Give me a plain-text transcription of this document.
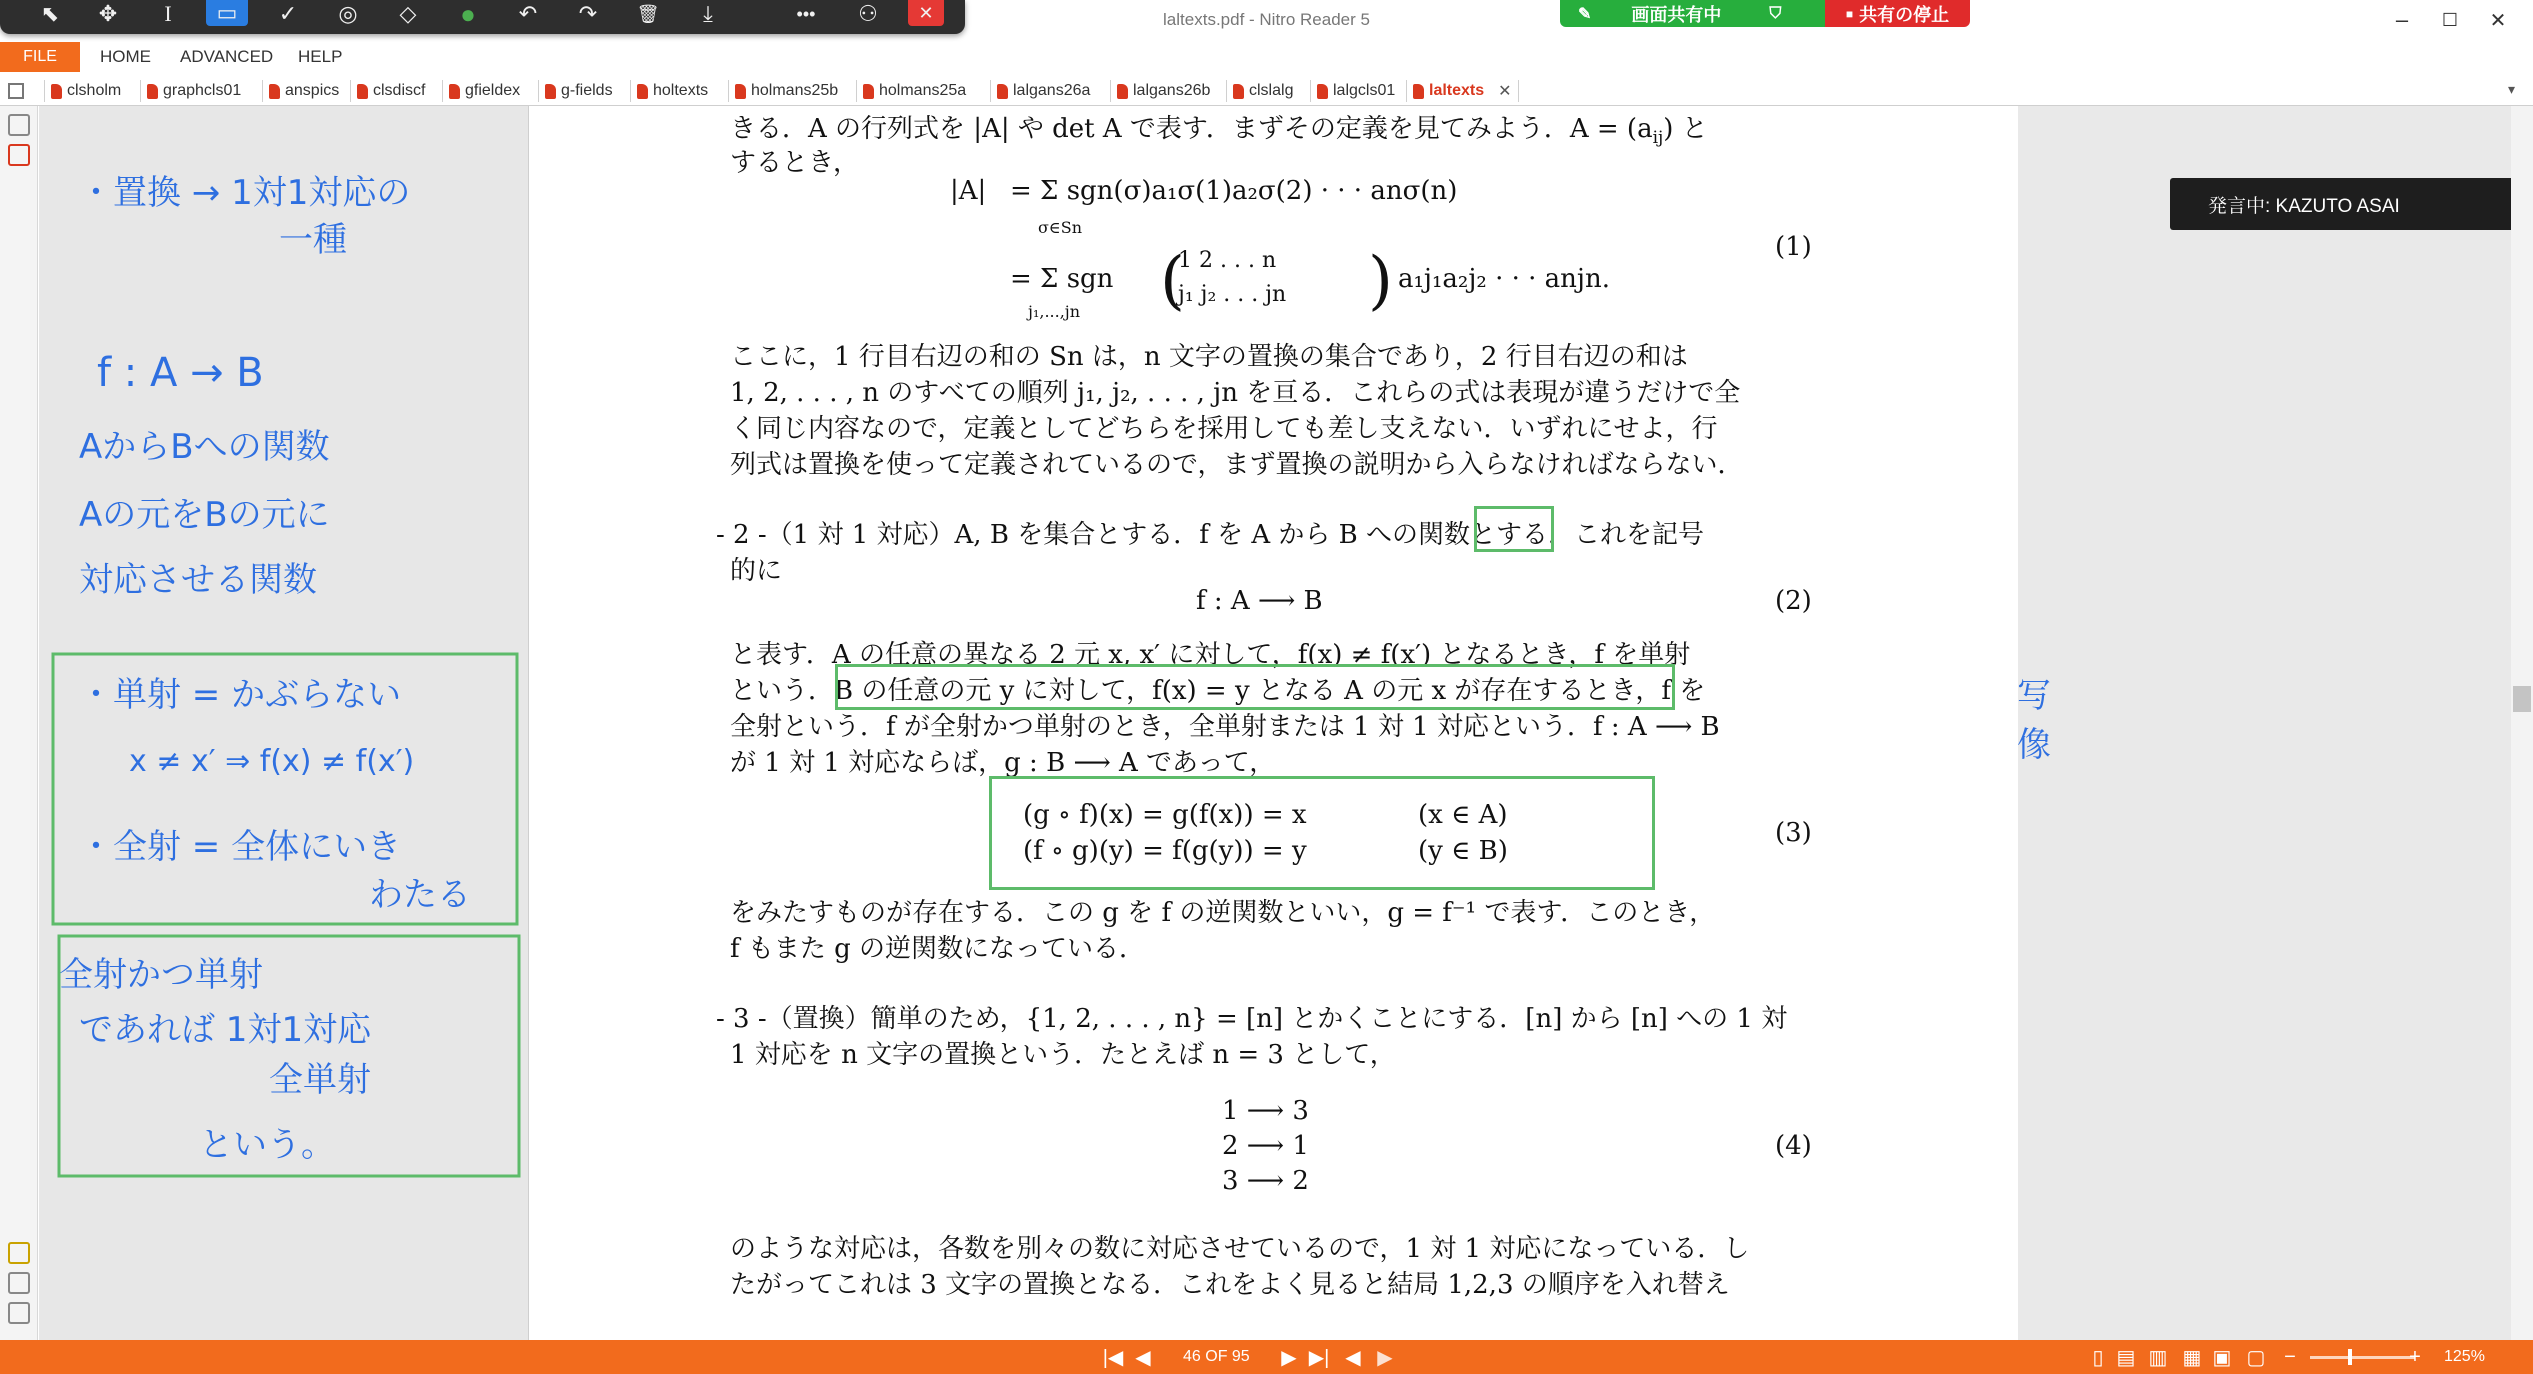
laltexts.pdf - Nitro Reader 5	–	☐	✕
⬉	✥	I	▭	✓	◎	◇	●	↶	↷	🗑	⤓	•••	⚇	✕	✎ 画面共有中	⛉	■ 共有の停止
FILE	HOME ADVANCED HELP
clsholm	graphcls01	anspics clsdiscf gfieldex	g-fields	holtexts	holmans25b	holmans25a	lalgans26a	lalgans26b clslalg lalgcls01 laltexts ✕	▾
・置換 → 1対1対応の
一種
f : A → B
AからBへの関数
Aの元をBの元に
対応させる関数
・単射 = かぶらない
x ≠ x′ ⇒ f(x) ≠ f(x′)
・全射 = 全体にいき
わたる
全射かつ単射
であれば 1対1対応
全単射
という。
きる．A の行列式を |A| や det A で表す．まずその定義を見てみよう．$A = (a_{ij})$ と
するとき，
|A| = Σ sgn(σ)a₁σ(1)a₂σ(2) · · · anσ(n)
σ∈Sn
(1)
= Σ sgn
j₁,...,jn
1 2 . . . n
j₁ j₂ . . . jn
(	) a₁j₁a₂j₂ · · · anjn.
ここに，1 行目右辺の和の Sn は，n 文字の置換の集合であり，2 行目右辺の和は
1, 2, . . . , n のすべての順列 j₁, j₂, . . . , jn を亘る．これらの式は表現が違うだけで全
く同じ内容なので，定義としてどちらを採用しても差し支えない．いずれにせよ，行
列式は置換を使って定義されているので，まず置換の説明から入らなければならない．
- 2 -（1 対 1 対応）A, B を集合とする．f を A から B への関数とする．これを記号
的に
写像
f : A ⟶ B	(2)
と表す．A の任意の異なる 2 元 x, x′ に対して，f(x) ≠ f(x′) となるとき，f を単射
という．B の任意の元 y に対して，f(x) = y となる A の元 x が存在するとき，f を
全射という．f が全射かつ単射のとき，全単射または 1 対 1 対応という．f : A ⟶ B
が 1 対 1 対応ならば，g : B ⟶ A であって，
(g ∘ f)(x) = g(f(x)) = x	(x ∈ A)
(f ∘ g)(y) = f(g(y)) = y	(y ∈ B)
(3)
をみたすものが存在する．この g を f の逆関数といい，g = f⁻¹ で表す．このとき，
f もまた g の逆関数になっている．
- 3 -（置換）簡単のため，{1, 2, . . . , n} = [n] とかくことにする．[n] から [n] への 1 対
1 対応を n 文字の置換という．たとえば n = 3 として，
1 ⟶ 3
2 ⟶ 1
3 ⟶ 2
(4)
のような対応は，各数を別々の数に対応させているので，1 対 1 対応になっている．し
たがってこれは 3 文字の置換となる．これをよく見ると結局 1,2,3 の順序を入れ替え
発言中: KAZUTO ASAI
|◀ ◀	46 OF 95 ▶ ▶| ◀ ▶	▯ ▤ ▥ ▦ ▣ ▢ −	+ 125%
